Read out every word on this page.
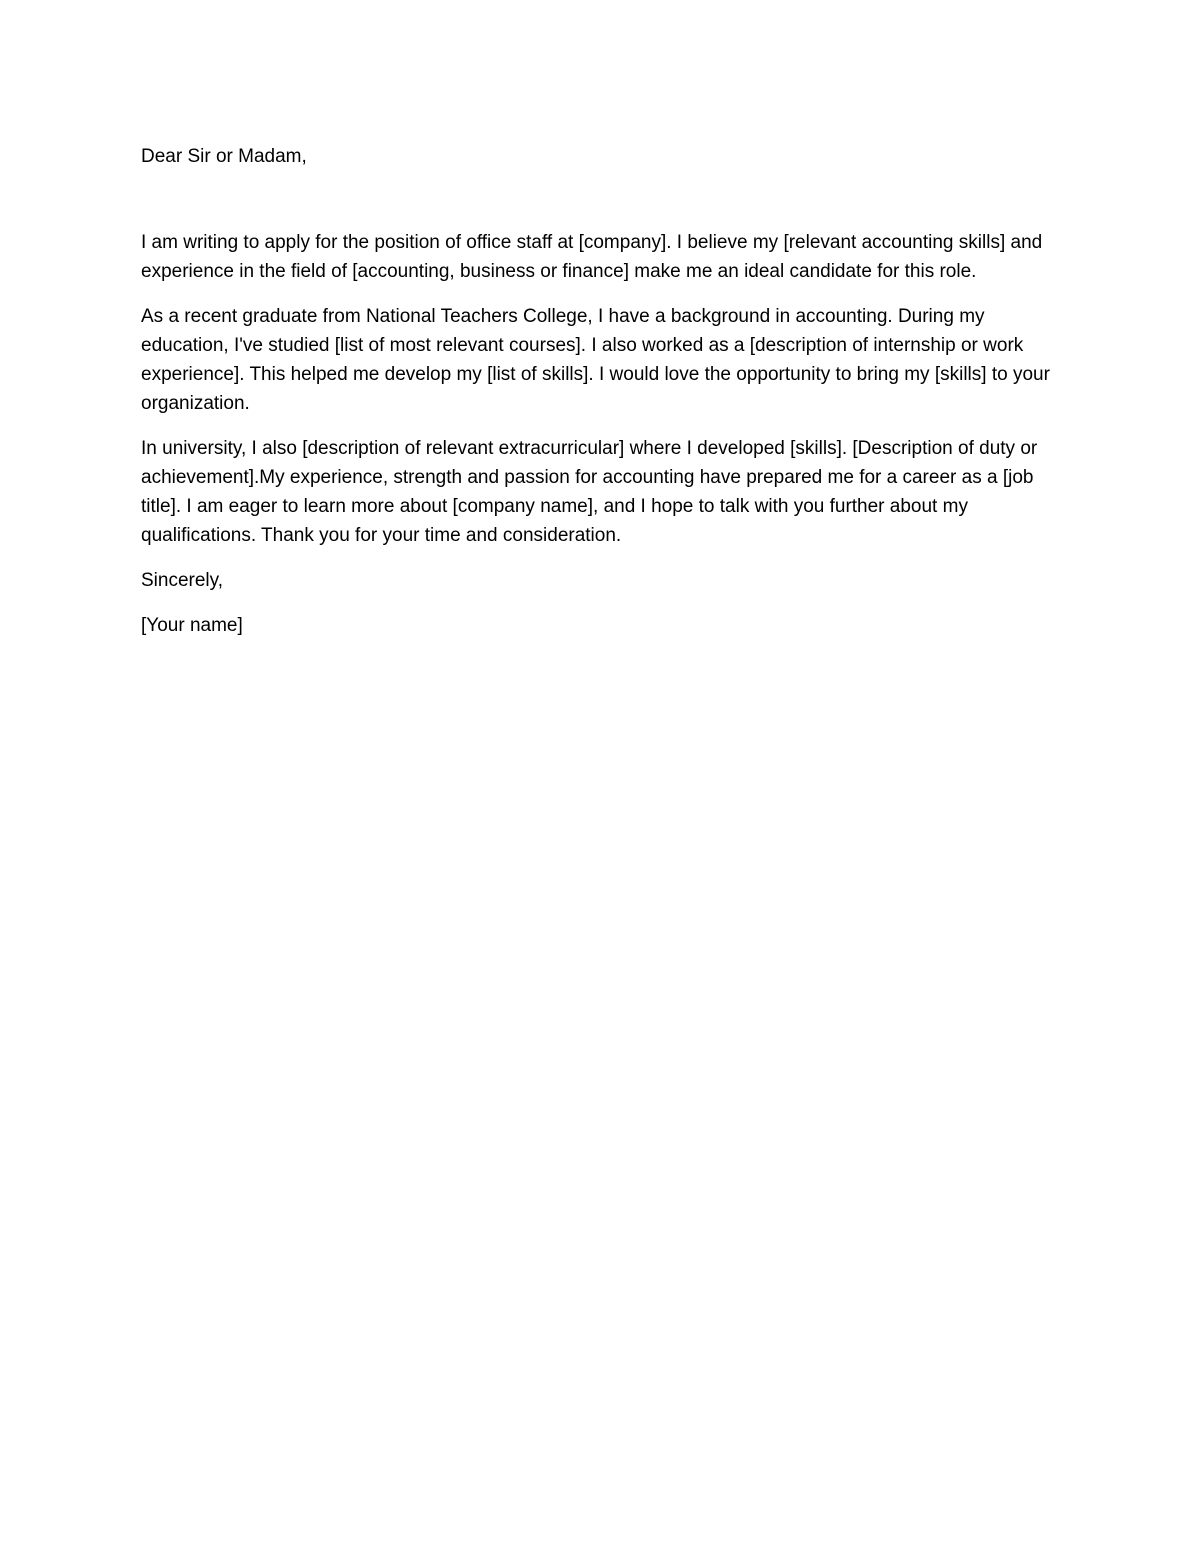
Dear Sir or Madam,

I am writing to apply for the position of office staff at [company]. I believe my [relevant accounting skills] and experience in the field of [accounting, business or finance] make me an ideal candidate for this role.

As a recent graduate from National Teachers College, I have a background in accounting. During my education, I've studied [list of most relevant courses]. I also worked as a [description of internship or work experience]. This helped me develop my [list of skills]. I would love the opportunity to bring my [skills] to your organization.

In university, I also [description of relevant extracurricular] where I developed [skills]. [Description of duty or achievement].My experience, strength and passion for accounting have prepared me for a career as a [job title]. I am eager to learn more about [company name], and I hope to talk with you further about my qualifications. Thank you for your time and consideration.

Sincerely,

[Your name]
